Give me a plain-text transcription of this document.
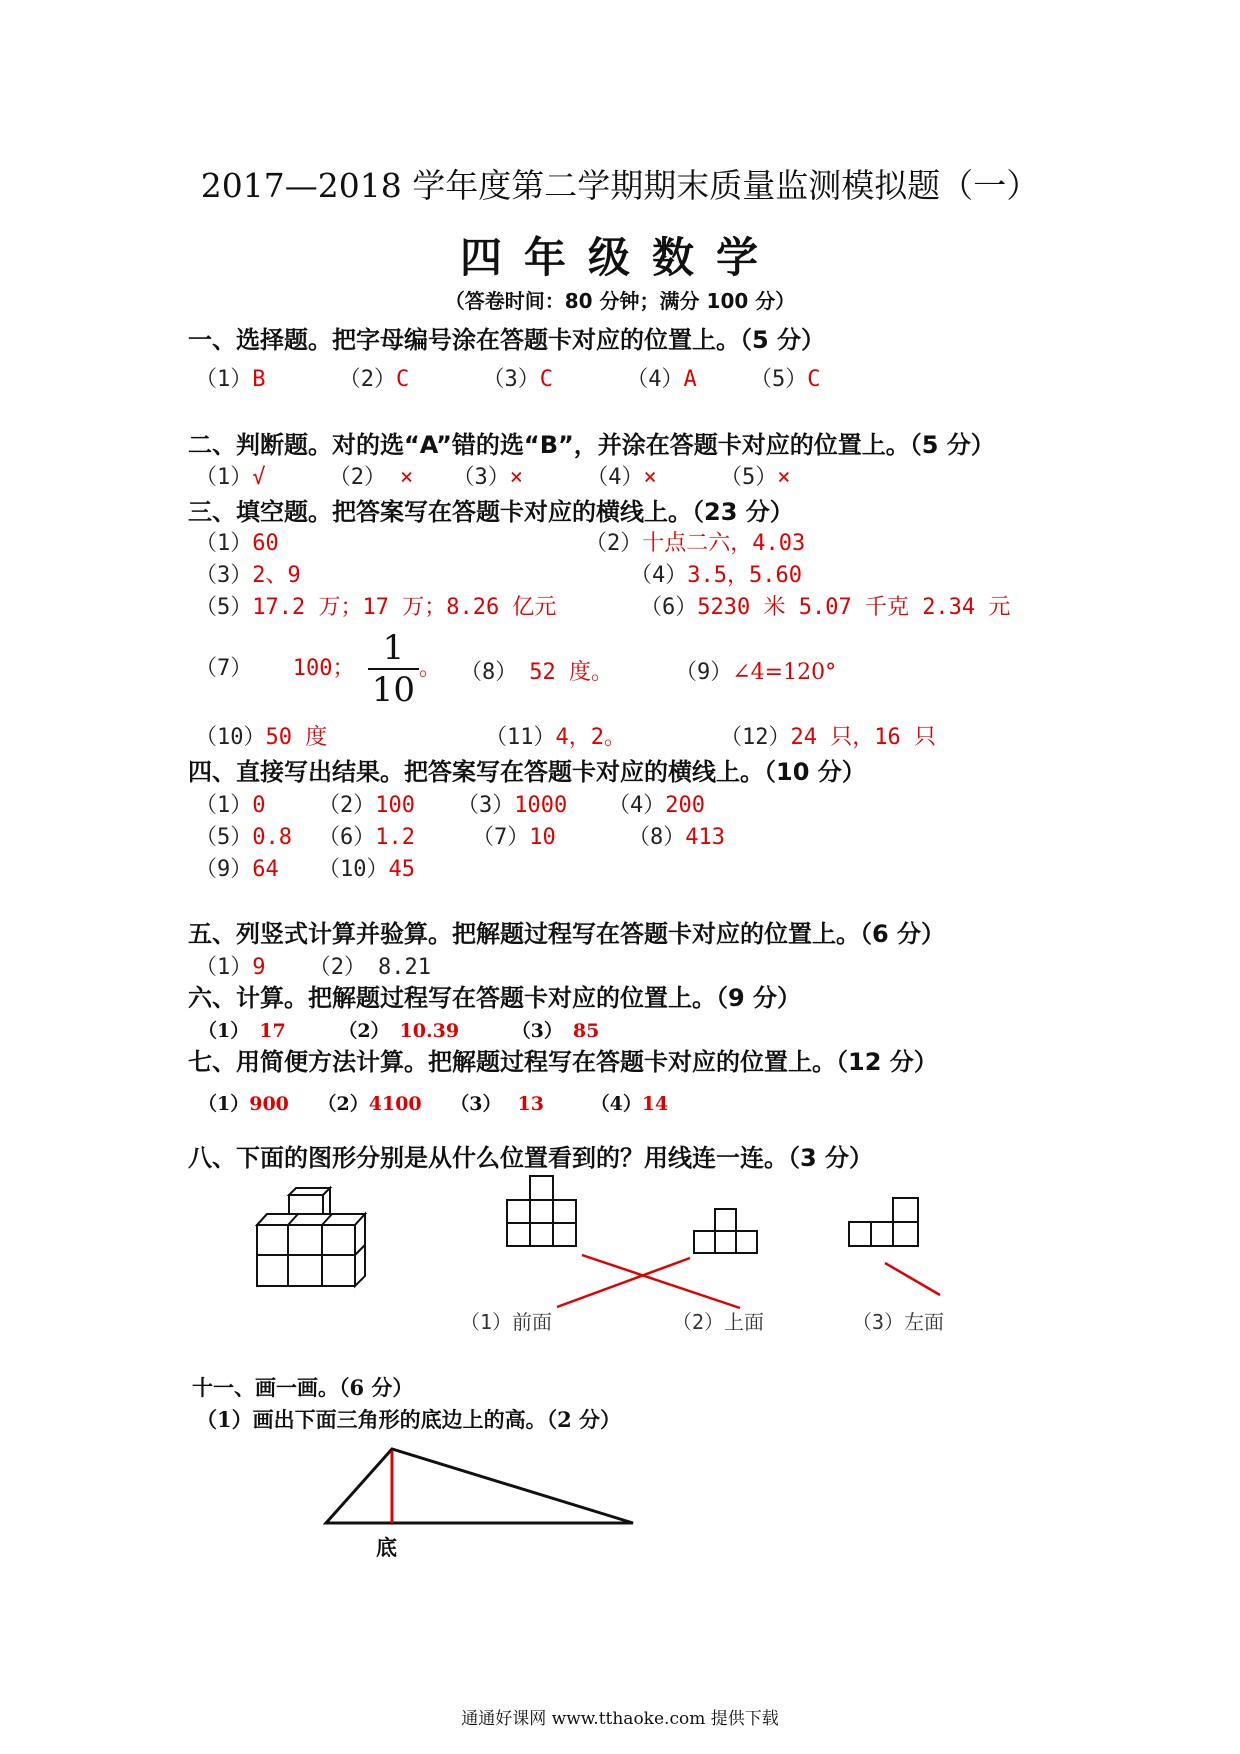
2017—2018 学年度第二学期期末质量监测模拟题（一）
四年级数学
（答卷时间：80 分钟；满分 100 分）
一、选择题。把字母编号涂在答题卡对应的位置上。（5 分）
（1）B	（2）C	（3）C	（4）A （5）C
二、判断题。对的选“A”错的选“B”，并涂在答题卡对应的位置上。（5 分）
（1）√	（2） × （3）×	（4）×	（5）×
三、填空题。把答案写在答题卡对应的横线上。（23 分）
（1）60	（2）十点二六，4.03
（3）2、9	（4）3.5，5.60
（5）17.2 万；17 万；8.26 亿元	（6）5230 米 5.07 千克 2.34 元
（7） 100； $\frac{1}{10}$ 。 （8） 52 度。	（9）∠4=120°
（10）50 度	（11）4，2。	（12）24 只，16 只
四、直接写出结果。把答案写在答题卡对应的横线上。（10 分）
（1）0 （2）100 （3）1000 （4）200
（5）0.8 （6）1.2	（7）10	（8）413
（9）64 （10）45
五、列竖式计算并验算。把解题过程写在答题卡对应的位置上。（6 分）
（1）9 （2） 8.21
六、计算。把解题过程写在答题卡对应的位置上。（9 分）
（1） 17	（2） 10.39	（3） 85
七、用简便方法计算。把解题过程写在答题卡对应的位置上。（12 分）
（1）900 （2）4100 （3） 13 （4）14
八、下面的图形分别是从什么位置看到的？用线连一连。（3 分）
（1）前面	（2）上面	（3）左面
十一、画一画。（6 分）
（1）画出下面三角形的底边上的高。（2 分）
底
通通好课网 www.tthaoke.com 提供下载
